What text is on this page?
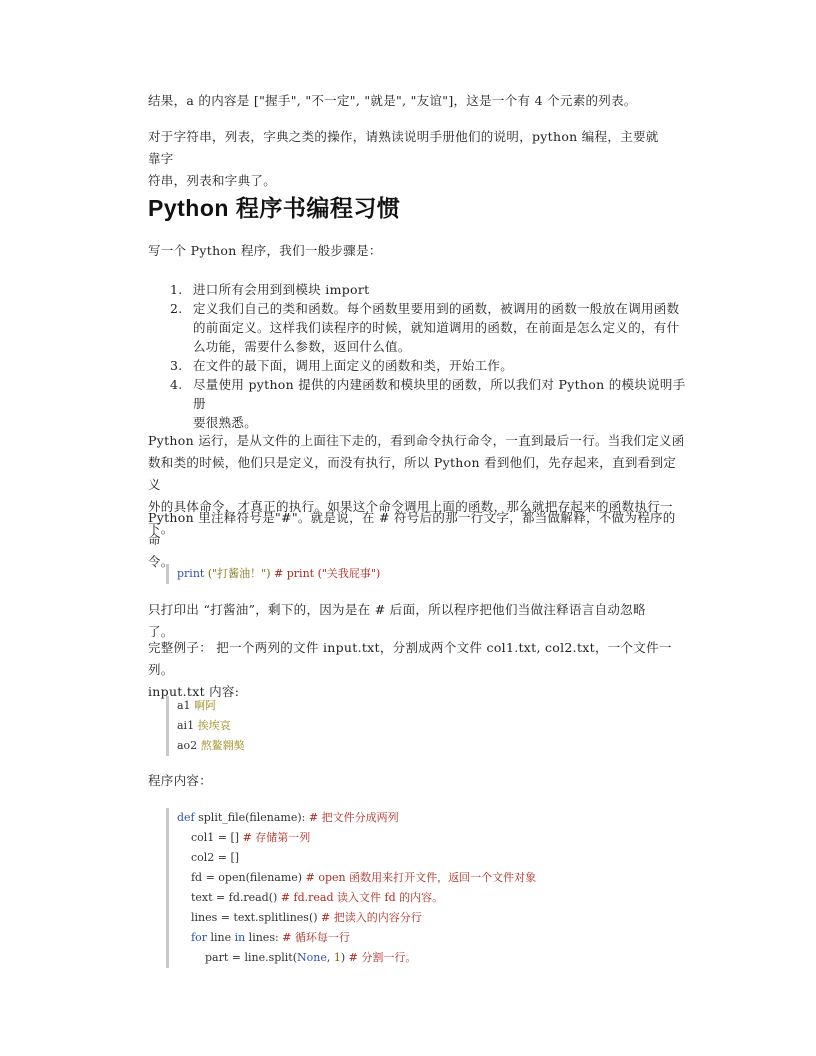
结果，a 的内容是 ["握手", "不一定", "就是", "友谊"]，这是一个有 4 个元素的列表。

对于字符串，列表，字典之类的操作，请熟读说明手册他们的说明，python 编程，主要就靠字

符串，列表和字典了。

Python 程序书编程习惯

写一个 Python 程序，我们一般步骤是：

1. 进口所有会用到到模块 import
2. 定义我们自己的类和函数。每个函数里要用到的函数，被调用的函数一般放在调用函数
的前面定义。这样我们读程序的时候，就知道调用的函数，在前面是怎么定义的，有什
么功能，需要什么参数，返回什么值。
3. 在文件的最下面，调用上面定义的函数和类，开始工作。
4. 尽量使用 python 提供的内建函数和模块里的函数，所以我们对 Python 的模块说明手册
要很熟悉。

Python 运行，是从文件的上面往下走的，看到命令执行命令，一直到最后一行。当我们定义函

数和类的时候，他们只是定义，而没有执行，所以 Python 看到他们，先存起来，直到看到定义

外的具体命令，才真正的执行。如果这个命令调用上面的函数，那么就把存起来的函数执行一下。

Python 里注释符号是"#"。就是说，在 # 符号后的那一行文字，都当做解释，不做为程序的命

令。

print ("打酱油！") # print ("关我屁事")

只打印出 “打酱油”，剩下的，因为是在 # 后面，所以程序把他们当做注释语言自动忽略了。

完整例子： 把一个两列的文件 input.txt，分割成两个文件 col1.txt, col2.txt，一个文件一列。

input.txt 内容:

a1 啊阿
ai1 挨埃哀
ao2 熬鳌翱獒

程序内容：

def split_file(filename): # 把文件分成两列
col1 = [] # 存储第一列
col2 = []
fd = open(filename) # open 函数用来打开文件，返回一个文件对象
text = fd.read() # fd.read 读入文件 fd 的内容。
lines = text.splitlines() # 把读入的内容分行
for line in lines: # 循环每一行
part = line.split(None, 1) # 分割一行。
